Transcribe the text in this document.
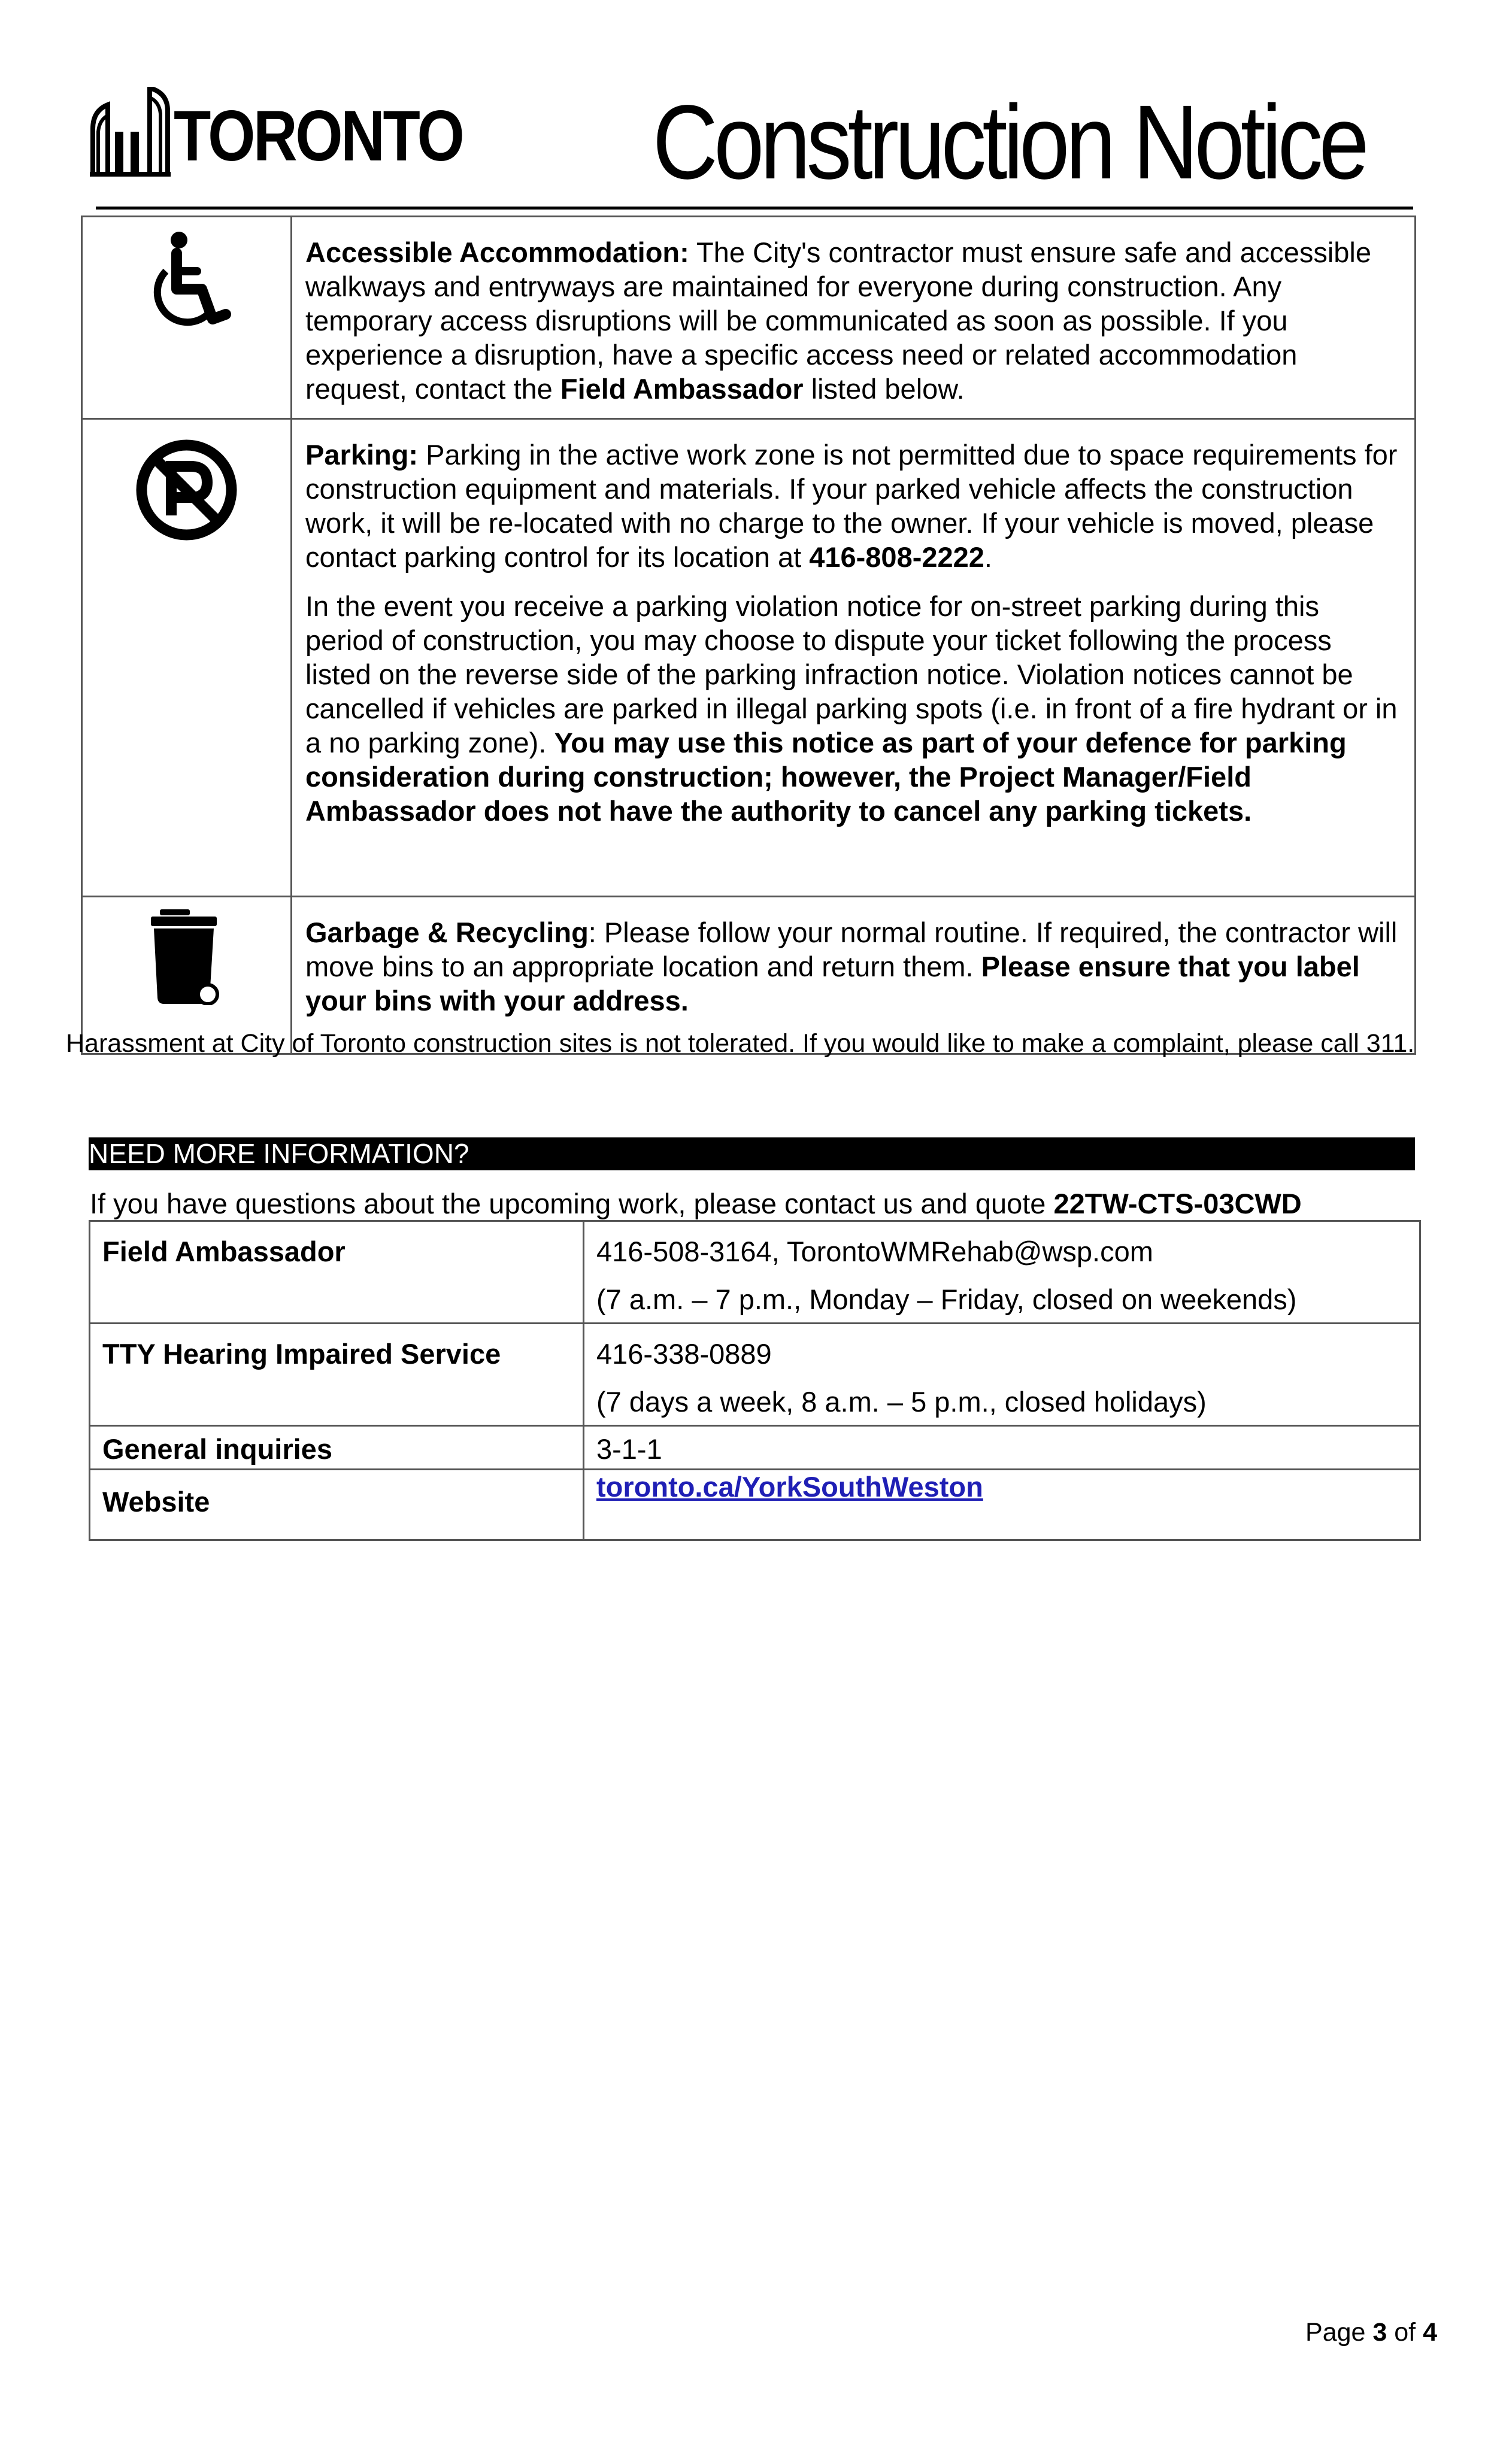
TORONTO Construction Notice

Accessible Accommodation: The City's contractor must ensure safe and accessible walkways and entryways are maintained for everyone during construction. Any temporary access disruptions will be communicated as soon as possible. If you experience a disruption, have a specific access need or related accommodation request, contact the Field Ambassador listed below.

Parking: Parking in the active work zone is not permitted due to space requirements for construction equipment and materials. If your parked vehicle affects the construction work, it will be re-located with no charge to the owner. If your vehicle is moved, please contact parking control for its location at 416-808-2222.

In the event you receive a parking violation notice for on-street parking during this period of construction, you may choose to dispute your ticket following the process listed on the reverse side of the parking infraction notice. Violation notices cannot be cancelled if vehicles are parked in illegal parking spots (i.e. in front of a fire hydrant or in a no parking zone). You may use this notice as part of your defence for parking consideration during construction; however, the Project Manager/Field Ambassador does not have the authority to cancel any parking tickets.

Garbage & Recycling: Please follow your normal routine. If required, the contractor will move bins to an appropriate location and return them. Please ensure that you label your bins with your address.

Harassment at City of Toronto construction sites is not tolerated. If you would like to make a complaint, please call 311.
NEED MORE INFORMATION?
If you have questions about the upcoming work, please contact us and quote 22TW-CTS-03CWD
Field Ambassador	416-508-3164, TorontoWMRehab@wsp.com
(7 a.m. – 7 p.m., Monday – Friday, closed on weekends)

TTY Hearing Impaired Service	416-338-0889
(7 days a week, 8 a.m. – 5 p.m., closed holidays)

General inquiries	3-1-1
Website	toronto.ca/YorkSouthWeston
Page 3 of 4
